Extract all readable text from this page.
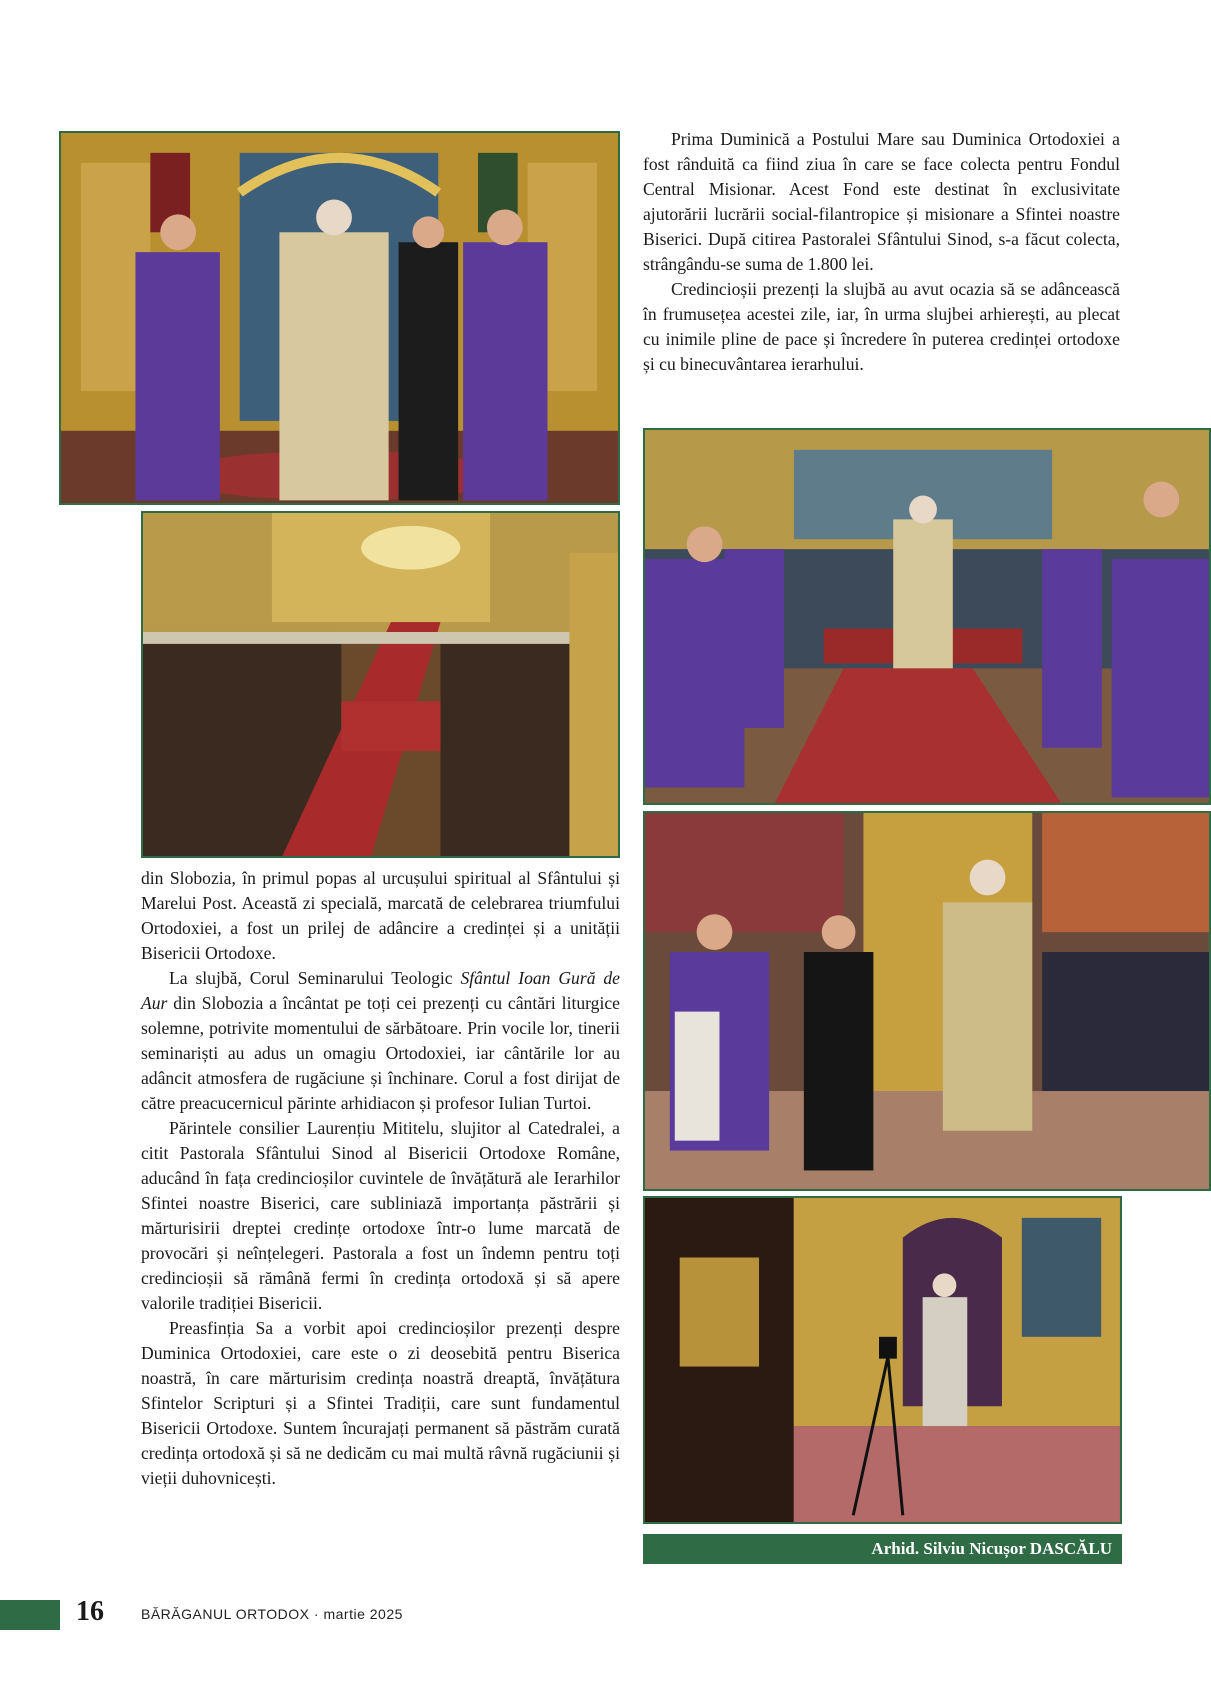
Prima Duminică a Postului Mare sau Duminica Ortodoxiei a fost rânduită ca fiind ziua în care se face colecta pentru Fondul Central Misionar. Acest Fond este destinat în exclusivitate ajutorării lucrării social-filantropice și misionare a Sfintei noastre Biserici. După citirea Pastoralei Sfântului Sinod, s-a făcut colecta, strângându-se suma de 1.800 lei.

Credincioșii prezenți la slujbă au avut ocazia să se adâncească în frumusețea acestei zile, iar, în urma slujbei arhierești, au plecat cu inimile pline de pace și încredere în puterea credinței ortodoxe și cu binecuvântarea ierarhului.

din Slobozia, în primul popas al urcușului spiritual al Sfântului și Marelui Post. Această zi specială, marcată de celebrarea triumfului Ortodoxiei, a fost un prilej de adâncire a credinței și a unității Bisericii Ortodoxe.

La slujbă, Corul Seminarului Teologic Sfântul Ioan Gură de Aur din Slobozia a încântat pe toți cei prezenți cu cântări liturgice solemne, potrivite momentului de sărbătoare. Prin vocile lor, tinerii seminariști au adus un omagiu Ortodoxiei, iar cântările lor au adâncit atmosfera de rugăciune și închinare. Corul a fost dirijat de către preacucernicul părinte arhidiacon și profesor Iulian Turtoi.

Părintele consilier Laurențiu Mititelu, slujitor al Catedralei, a citit Pastorala Sfântului Sinod al Bisericii Ortodoxe Române, aducând în fața credincioșilor cuvintele de învățătură ale Ierarhilor Sfintei noastre Biserici, care subliniază importanța păstrării și mărturisirii dreptei credințe ortodoxe într-o lume marcată de provocări și neînțelegeri. Pastorala a fost un îndemn pentru toți credincioșii să rămână fermi în credința ortodoxă și să apere valorile tradiției Bisericii.

Preasfinția Sa a vorbit apoi credincioșilor prezenți despre Duminica Ortodoxiei, care este o zi deosebită pentru Biserica noastră, în care mărturisim credința noastră dreaptă, învățătura Sfintelor Scripturi și a Sfintei Tradiții, care sunt fundamentul Bisericii Ortodoxe. Suntem încurajați permanent să păstrăm curată credința ortodoxă și să ne dedicăm cu mai multă râvnă rugăciunii și vieții duhovnicești.

Arhid. Silviu Nicușor DASCĂLU
16	BĂRĂGANUL ORTODOX · martie 2025
